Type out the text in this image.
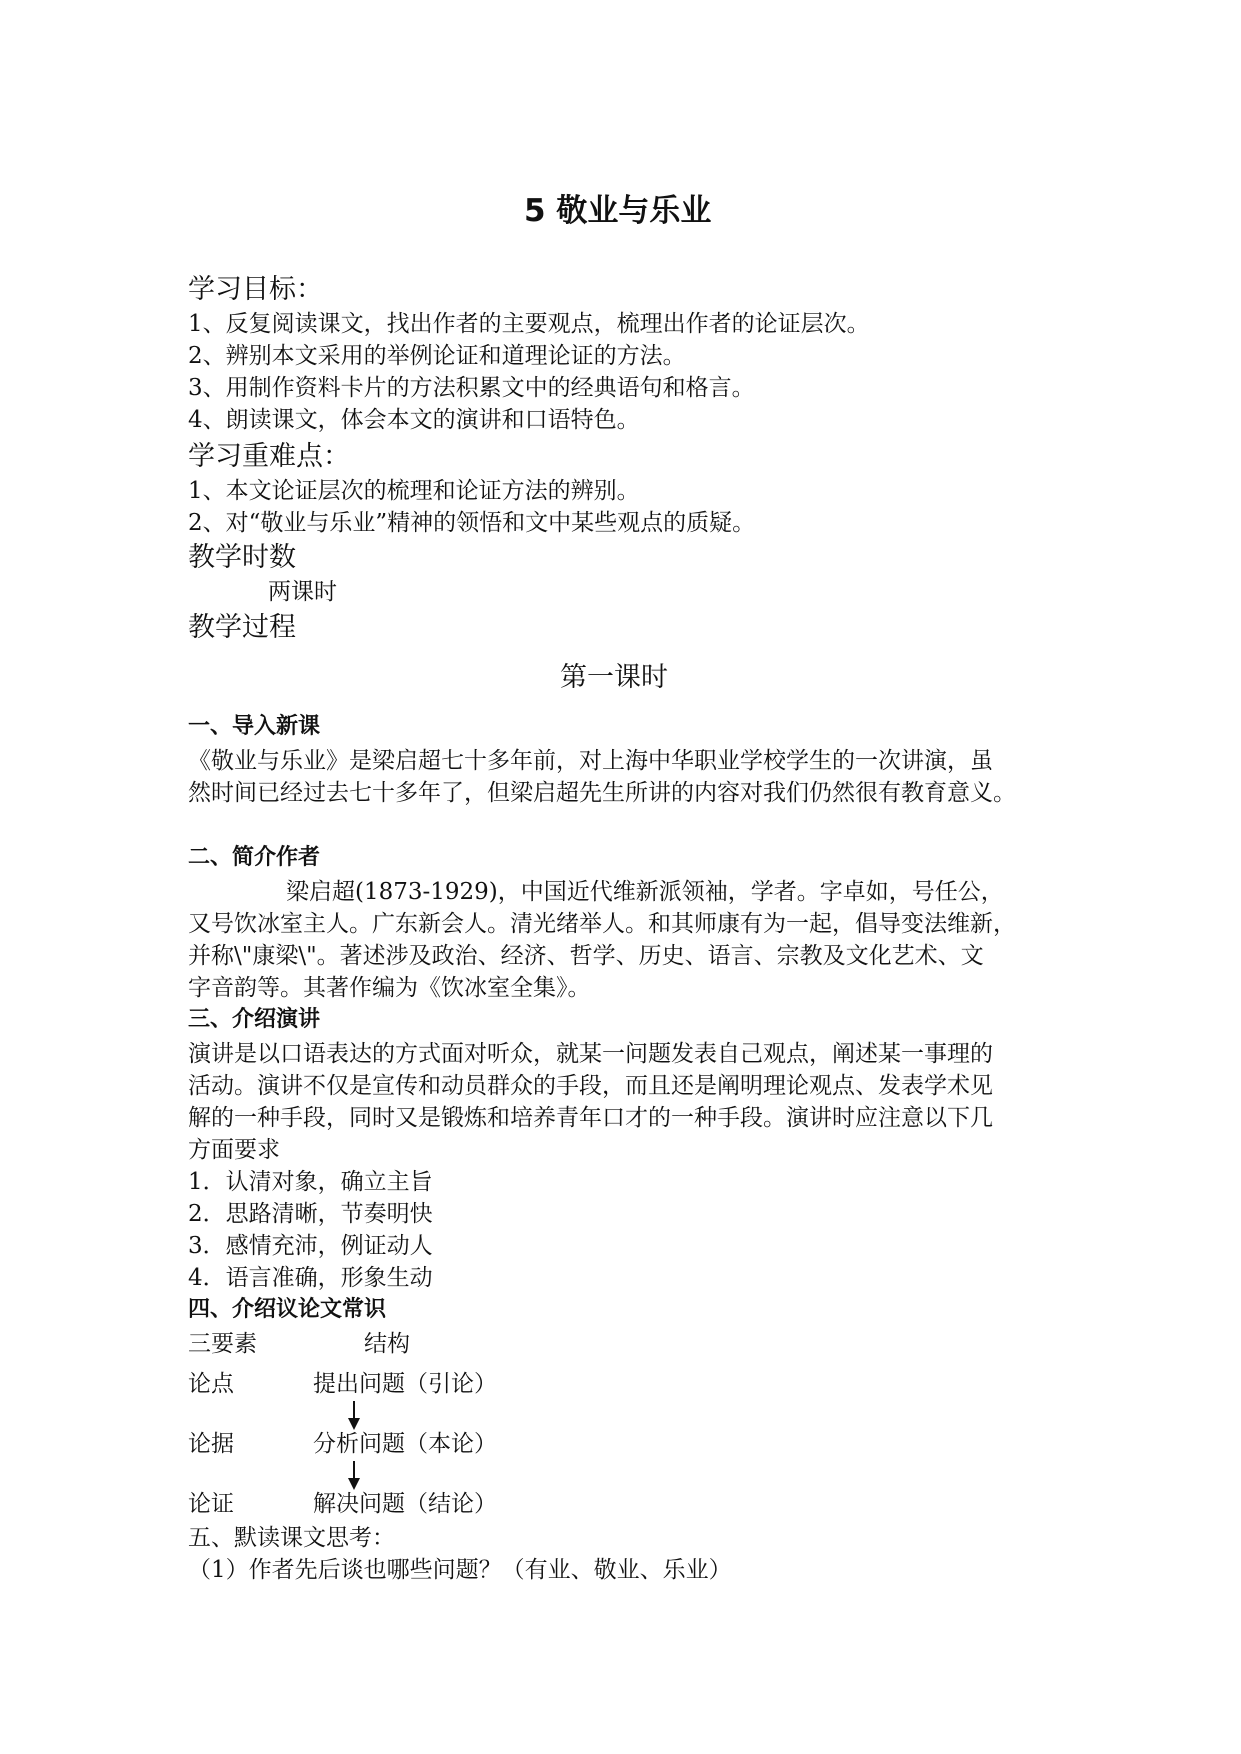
5 敬业与乐业
学习目标：
1、反复阅读课文，找出作者的主要观点，梳理出作者的论证层次。
2、辨别本文采用的举例论证和道理论证的方法。
3、用制作资料卡片的方法积累文中的经典语句和格言。
4、朗读课文，体会本文的演讲和口语特色。
学习重难点：
1、本文论证层次的梳理和论证方法的辨别。
2、对“敬业与乐业”精神的领悟和文中某些观点的质疑。
教学时数
两课时
教学过程
第一课时
一、导入新课
《敬业与乐业》是梁启超七十多年前，对上海中华职业学校学生的一次讲演，虽
然时间已经过去七十多年了，但梁启超先生所讲的内容对我们仍然很有教育意义。
二、简介作者
梁启超(1873-1929)，中国近代维新派领袖，学者。字卓如，号任公，
又号饮冰室主人。广东新会人。清光绪举人。和其师康有为一起，倡导变法维新，
并称\"康梁\"。著述涉及政治、经济、哲学、历史、语言、宗教及文化艺术、文
字音韵等。其著作编为《饮冰室全集》。
三、介绍演讲
演讲是以口语表达的方式面对听众，就某一问题发表自己观点，阐述某一事理的
活动。演讲不仅是宣传和动员群众的手段，而且还是阐明理论观点、发表学术见
解的一种手段，同时又是锻炼和培养青年口才的一种手段。演讲时应注意以下几
方面要求
1．认清对象，确立主旨
2．思路清晰，节奏明快
3．感情充沛，例证动人
4．语言准确，形象生动
四、介绍议论文常识
三要素	结构
论点	提出问题（引论）
论据	分析问题（本论）
论证	解决问题（结论）
五、默读课文思考：
（1）作者先后谈也哪些问题？（有业、敬业、乐业）
